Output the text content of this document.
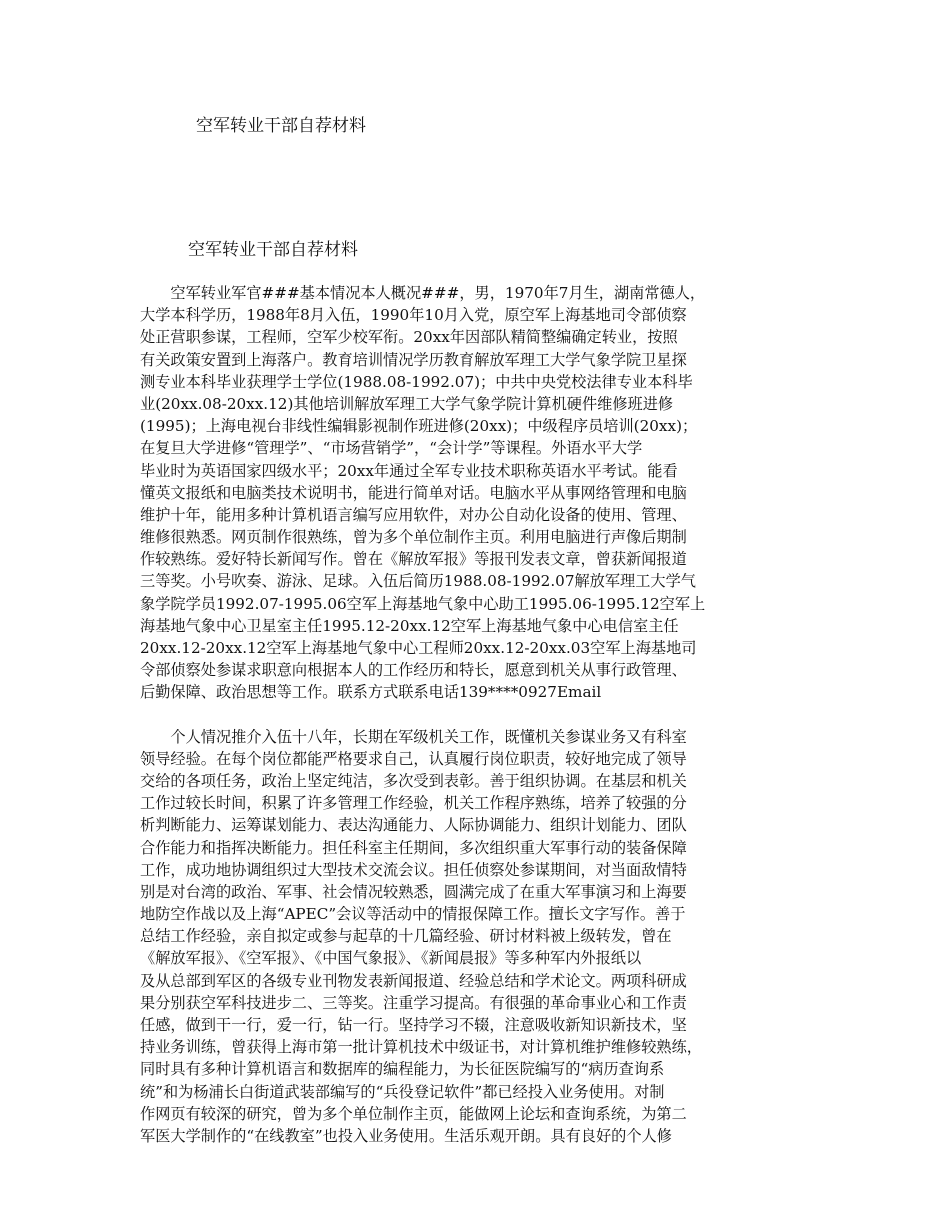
空军转业干部自荐材料
空军转业干部自荐材料
　　空军转业军官###基本情况本人概况###，男，1970年7月生，湖南常德人，
大学本科学历，1988年8月入伍，1990年10月入党，原空军上海基地司令部侦察
处正营职参谋，工程师，空军少校军衔。20xx年因部队精简整编确定转业，按照
有关政策安置到上海落户。教育培训情况学历教育解放军理工大学气象学院卫星探
测专业本科毕业获理学士学位(1988.08-1992.07)；中共中央党校法律专业本科毕
业(20xx.08-20xx.12)其他培训解放军理工大学气象学院计算机硬件维修班进修
(1995)；上海电视台非线性编辑影视制作班进修(20xx)；中级程序员培训(20xx)；
在复旦大学进修“管理学”、“市场营销学”，“会计学”等课程。外语水平大学
毕业时为英语国家四级水平；20xx年通过全军专业技术职称英语水平考试。能看
懂英文报纸和电脑类技术说明书，能进行简单对话。电脑水平从事网络管理和电脑
维护十年，能用多种计算机语言编写应用软件，对办公自动化设备的使用、管理、
维修很熟悉。网页制作很熟练，曾为多个单位制作主页。利用电脑进行声像后期制
作较熟练。爱好特长新闻写作。曾在《解放军报》等报刊发表文章，曾获新闻报道
三等奖。小号吹奏、游泳、足球。入伍后简历1988.08-1992.07解放军理工大学气
象学院学员1992.07-1995.06空军上海基地气象中心助工1995.06-1995.12空军上
海基地气象中心卫星室主任1995.12-20xx.12空军上海基地气象中心电信室主任
20xx.12-20xx.12空军上海基地气象中心工程师20xx.12-20xx.03空军上海基地司
令部侦察处参谋求职意向根据本人的工作经历和特长，愿意到机关从事行政管理、
后勤保障、政治思想等工作。联系方式联系电话139****0927Email
　　个人情况推介入伍十八年，长期在军级机关工作，既懂机关参谋业务又有科室
领导经验。在每个岗位都能严格要求自己，认真履行岗位职责，较好地完成了领导
交给的各项任务，政治上坚定纯洁，多次受到表彰。善于组织协调。在基层和机关
工作过较长时间，积累了许多管理工作经验，机关工作程序熟练，培养了较强的分
析判断能力、运筹谋划能力、表达沟通能力、人际协调能力、组织计划能力、团队
合作能力和指挥决断能力。担任科室主任期间，多次组织重大军事行动的装备保障
工作，成功地协调组织过大型技术交流会议。担任侦察处参谋期间，对当面敌情特
别是对台湾的政治、军事、社会情况较熟悉，圆满完成了在重大军事演习和上海要
地防空作战以及上海“APEC”会议等活动中的情报保障工作。擅长文字写作。善于
总结工作经验，亲自拟定或参与起草的十几篇经验、研讨材料被上级转发，曾在
《解放军报》、《空军报》、《中国气象报》、《新闻晨报》等多种军内外报纸以
及从总部到军区的各级专业刊物发表新闻报道、经验总结和学术论文。两项科研成
果分别获空军科技进步二、三等奖。注重学习提高。有很强的革命事业心和工作责
任感，做到干一行，爱一行，钻一行。坚持学习不辍，注意吸收新知识新技术，坚
持业务训练，曾获得上海市第一批计算机技术中级证书，对计算机维护维修较熟练，
同时具有多种计算机语言和数据库的编程能力，为长征医院编写的“病历查询系
统”和为杨浦长白街道武装部编写的“兵役登记软件”都已经投入业务使用。对制
作网页有较深的研究，曾为多个单位制作主页，能做网上论坛和查询系统，为第二
军医大学制作的“在线教室”也投入业务使用。生活乐观开朗。具有良好的个人修
